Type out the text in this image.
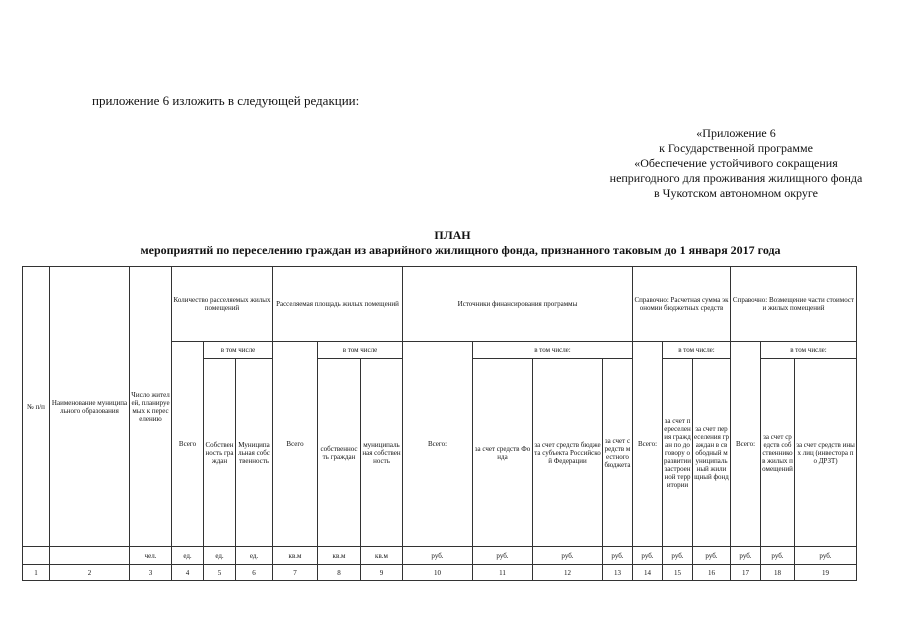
приложение 6 изложить в следующей редакции:
«Приложение 6
к Государственной программе
«Обеспечение устойчивого сокращения
непригодного для проживания жилищного фонда
в Чукотском автономном округе
ПЛАН
мероприятий по переселению граждан из аварийного жилищного фонда, признанного таковым до 1 января 2017 года
№ п/п	Наименование муниципального образования	Число жителей, планируемых к переселению	Количество расселяемых жилых помещений			Расселяемая площадь жилых помещений			Источники финансирования программы				Справочно: Расчетная сумма экономии бюджетных средств			Справочно: Возмещение части стоимости жилых помещений		
			Всего	в том числе		Всего	в том числе		Всего:	в том числе:			Всего:	в том числе:		Всего:	в том числе:	
				Собственность граждан	Муниципальная собственность		собственность граждан	муниципальная собственность		за счет средств Фонда	за счет средств бюджета субъекта Российской Федерации	за счет средств местного бюджета		за счет переселения граждан по договору о развитии застроенной территории	за счет переселения граждан в свободный муниципальный жилищный фонд		за счет средств собственников жилых помещений	за счет средств иных лиц (инвестора по ДРЗТ)
		чел.	ед.	ед.	ед.	кв.м	кв.м	кв.м	руб.	руб.	руб.	руб.	руб.	руб.	руб.	руб.	руб.	руб.
1	2	3	4	5	6	7	8	9	10	11	12	13	14	15	16	17	18	19
